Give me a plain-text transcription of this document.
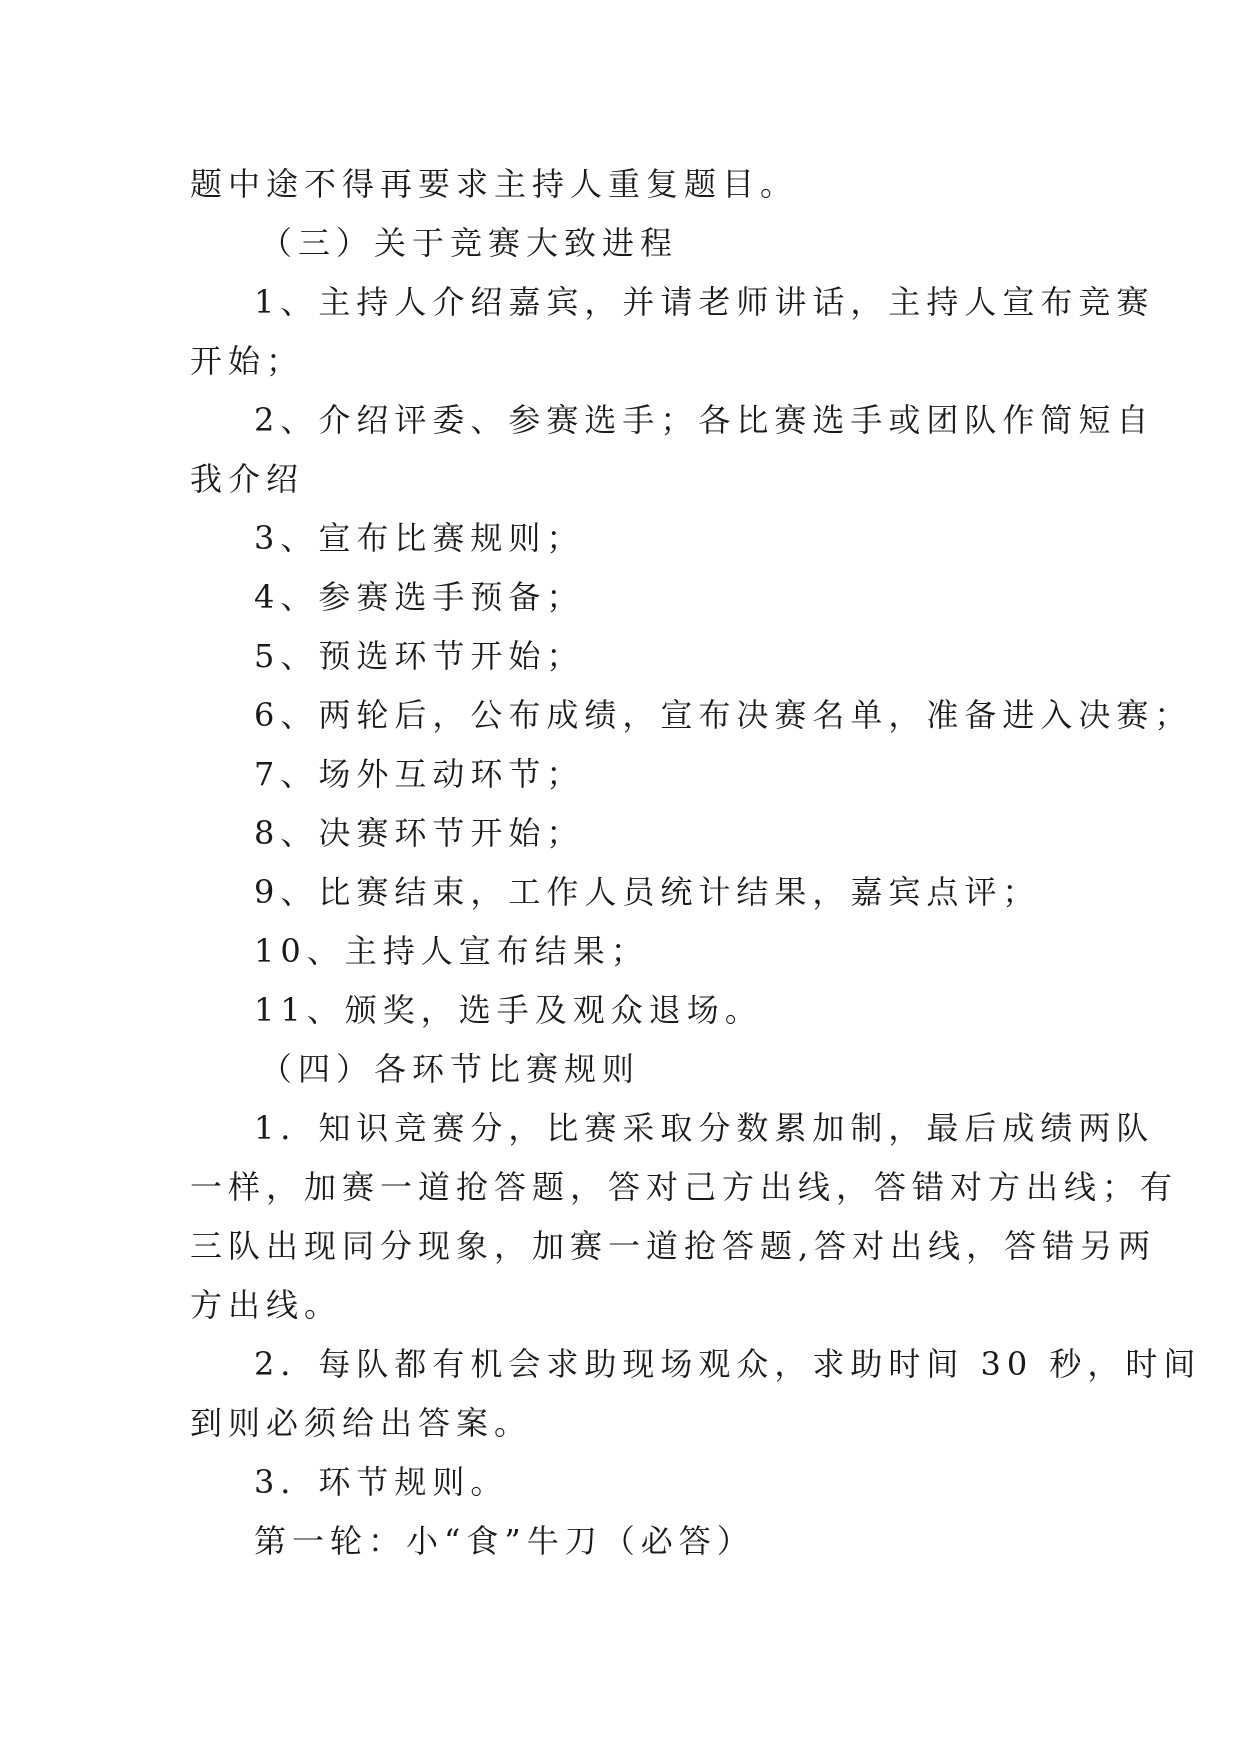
题中途不得再要求主持人重复题目。
（三）关于竞赛大致进程
1、主持人介绍嘉宾，并请老师讲话，主持人宣布竞赛
开始；
2、介绍评委、参赛选手；各比赛选手或团队作简短自
我介绍
3、宣布比赛规则；
4、参赛选手预备；
5、预选环节开始；
6、两轮后，公布成绩，宣布决赛名单，准备进入决赛；
7、场外互动环节；
8、决赛环节开始；
9、比赛结束，工作人员统计结果，嘉宾点评；
10、主持人宣布结果；
11、颁奖，选手及观众退场。
（四）各环节比赛规则
1．知识竞赛分，比赛采取分数累加制，最后成绩两队
一样，加赛一道抢答题，答对己方出线，答错对方出线；有
三队出现同分现象，加赛一道抢答题,答对出线，答错另两
方出线。
2．每队都有机会求助现场观众，求助时间 30 秒，时间
到则必须给出答案。
3．环节规则。
第一轮：小“食”牛刀（必答）
